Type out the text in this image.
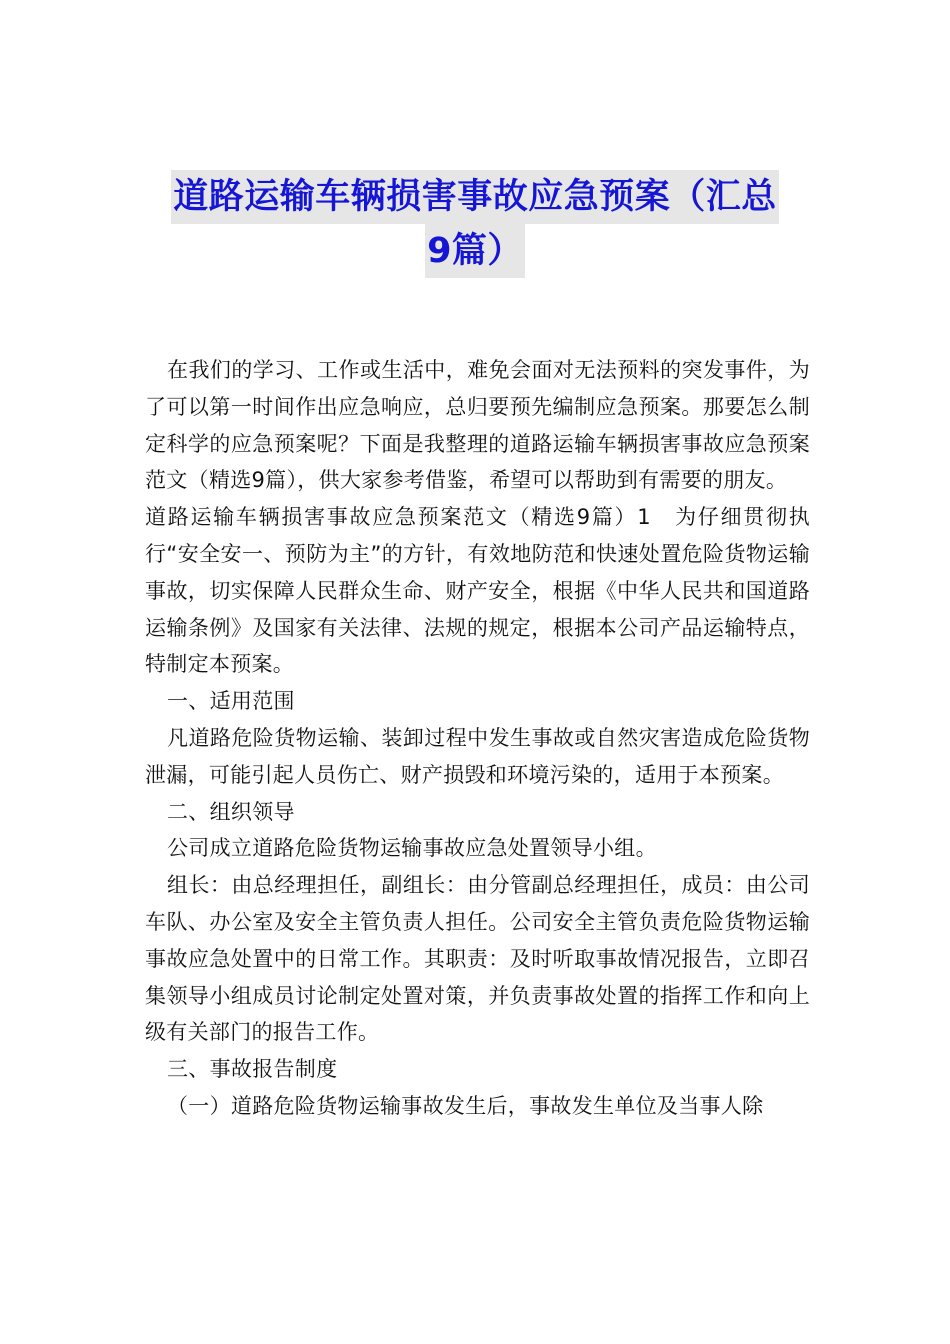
道路运输车辆损害事故应急预案（汇总
9篇）

在我们的学习、工作或生活中，难免会面对无法预料的突发事件，为了可以第一时间作出应急响应，总归要预先编制应急预案。那要怎么制定科学的应急预案呢？下面是我整理的道路运输车辆损害事故应急预案范文（精选9篇），供大家参考借鉴，希望可以帮助到有需要的朋友。

道路运输车辆损害事故应急预案范文（精选9篇）1　为仔细贯彻执行“安全安一、预防为主”的方针，有效地防范和快速处置危险货物运输事故，切实保障人民群众生命、财产安全，根据《中华人民共和国道路运输条例》及国家有关法律、法规的规定，根据本公司产品运输特点，特制定本预案。

一、适用范围

凡道路危险货物运输、装卸过程中发生事故或自然灾害造成危险货物泄漏，可能引起人员伤亡、财产损毁和环境污染的，适用于本预案。

二、组织领导

公司成立道路危险货物运输事故应急处置领导小组。

组长：由总经理担任，副组长：由分管副总经理担任，成员：由公司车队、办公室及安全主管负责人担任。公司安全主管负责危险货物运输事故应急处置中的日常工作。其职责：及时听取事故情况报告，立即召集领导小组成员讨论制定处置对策，并负责事故处置的指挥工作和向上级有关部门的报告工作。

三、事故报告制度

（一）道路危险货物运输事故发生后，事故发生单位及当事人除
